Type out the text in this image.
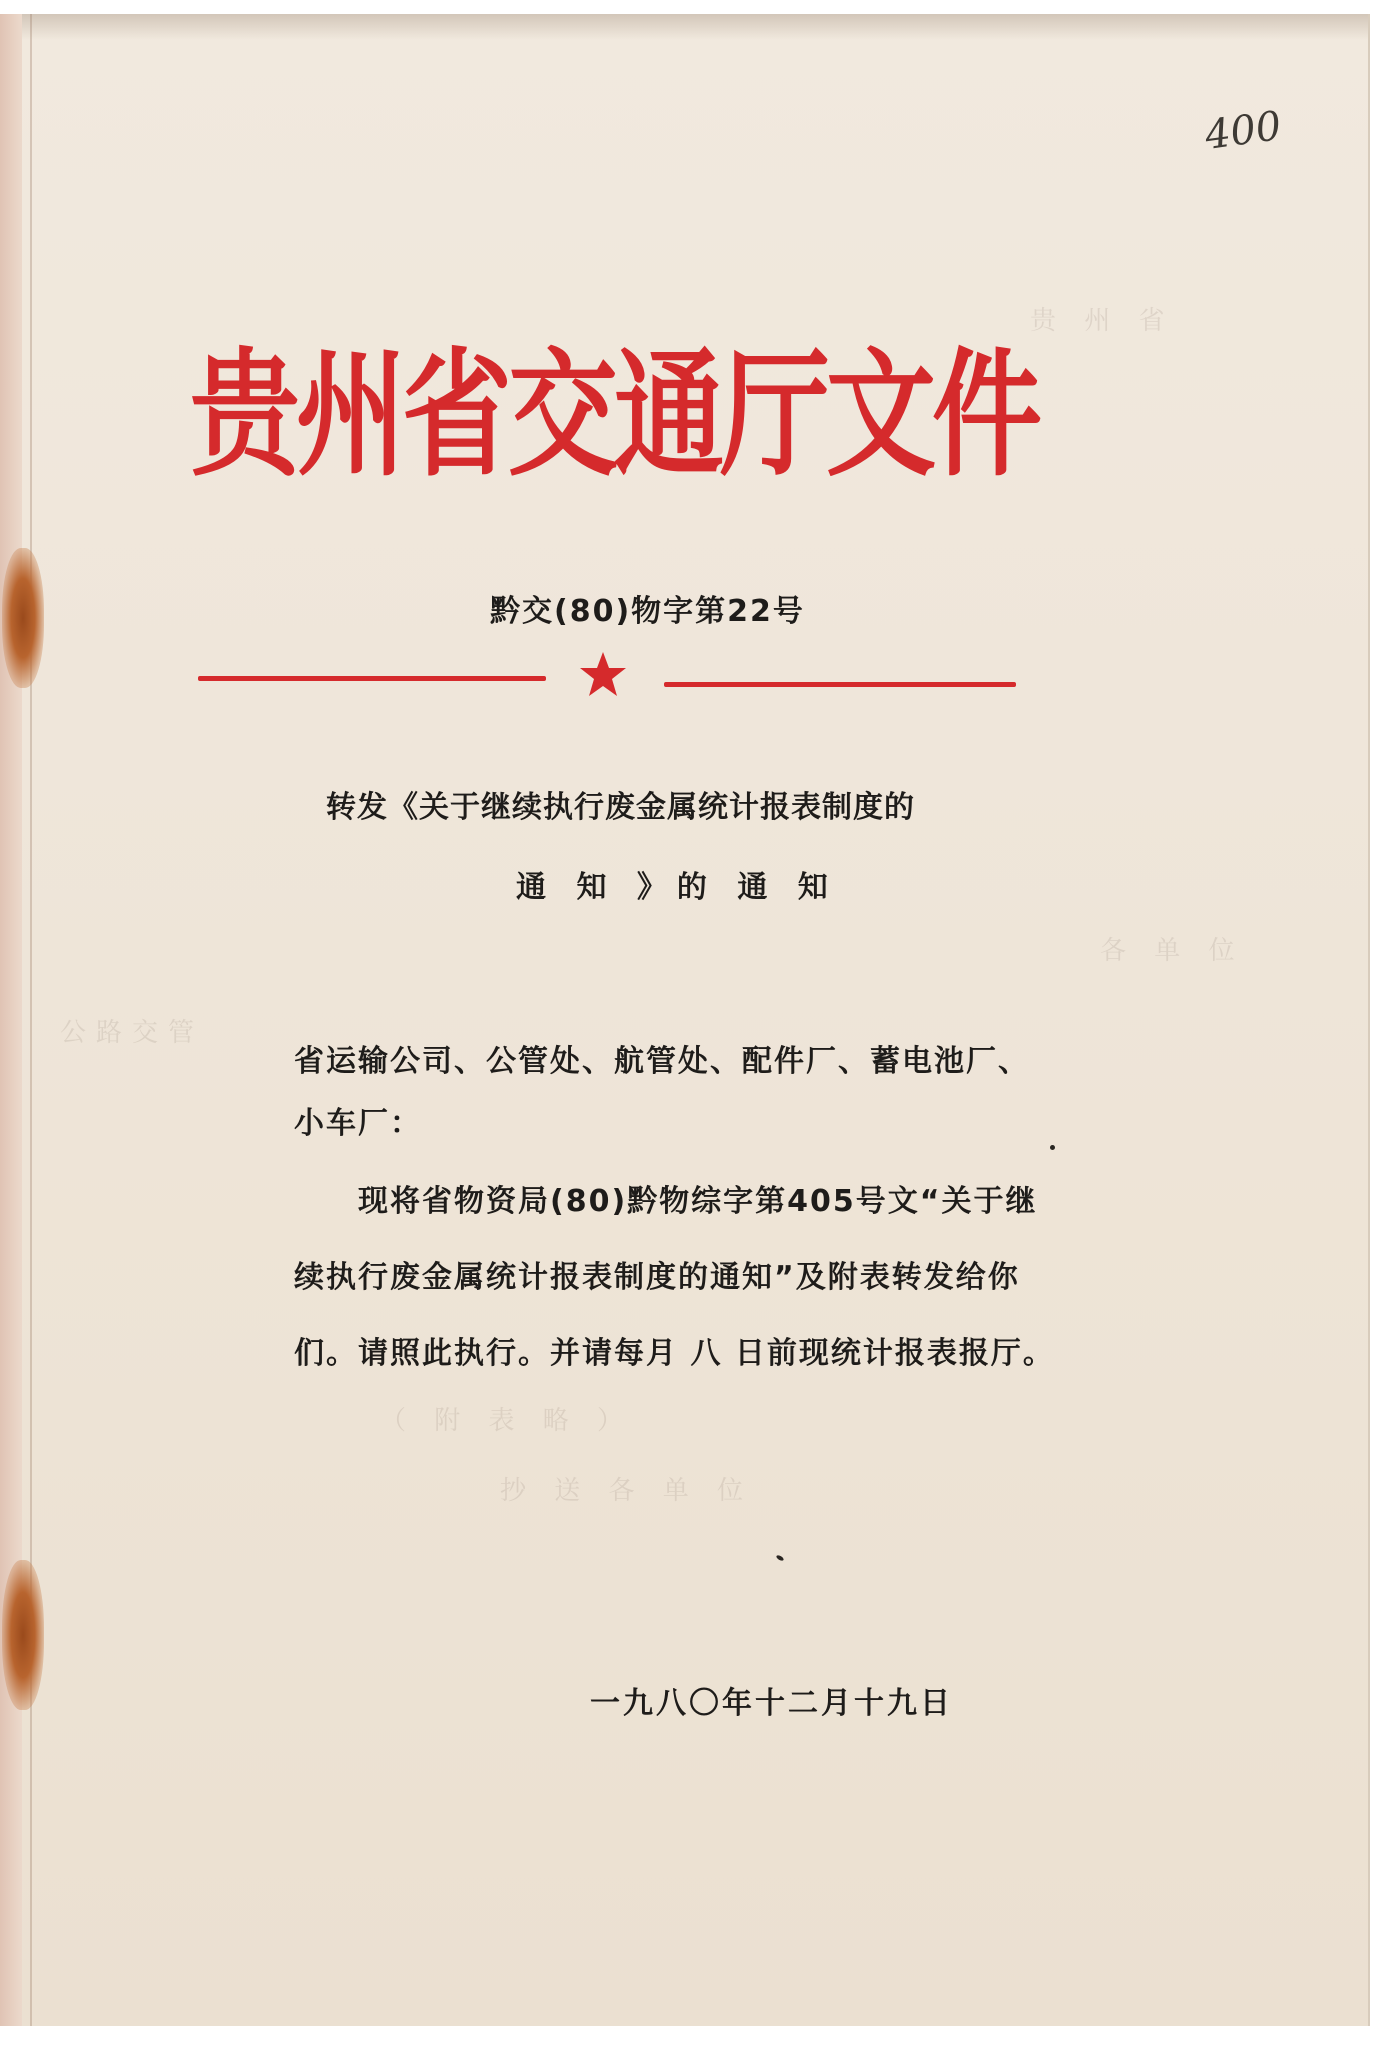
贵 州 省
公路交管
各 单 位
（ 附 表 略 ）
抄 送 各 单 位
400
贵州省交通厅文件
黔交(80)物字第22号
转发《关于继续执行废金属统计报表制度的
通 知 》的 通 知
省运输公司、公管处、航管处、配件厂、蓄电池厂、
小车厂：
现将省物资局(80)黔物综字第405号文“关于继
续执行废金属统计报表制度的通知”及附表转发给你
们。请照此执行。并请每月 八 日前现统计报表报厅。
一九八〇年十二月十九日
